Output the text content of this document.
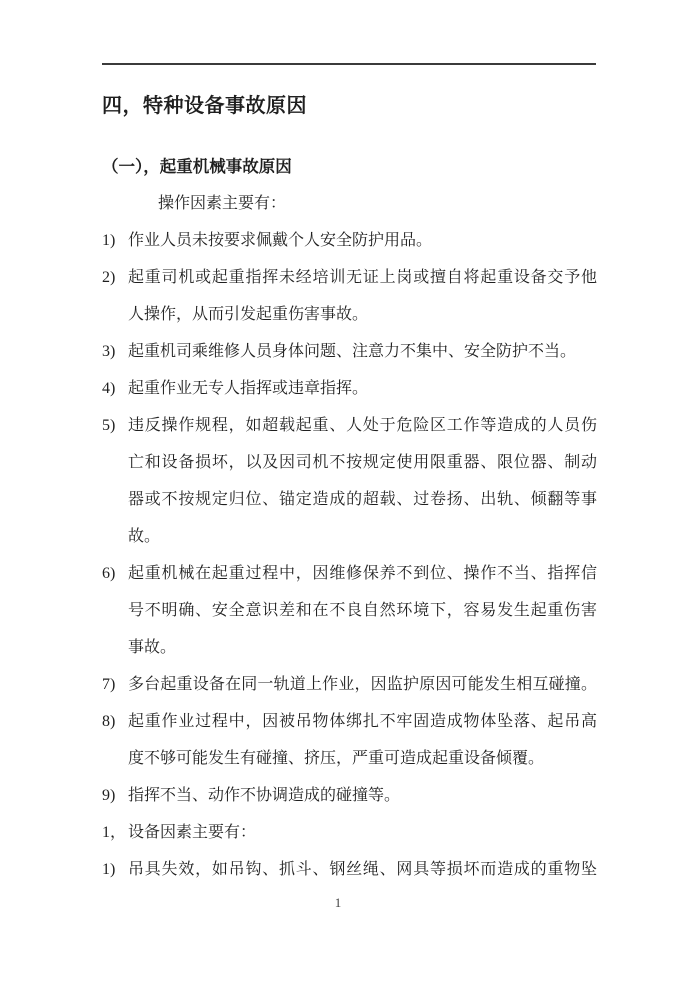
四，特种设备事故原因
（一），起重机械事故原因
操作因素主要有：
1) 作业人员未按要求佩戴个人安全防护用品。
2) 起重司机或起重指挥未经培训无证上岗或擅自将起重设备交予他
人操作，从而引发起重伤害事故。
3) 起重机司乘维修人员身体问题、注意力不集中、安全防护不当。
4) 起重作业无专人指挥或违章指挥。
5) 违反操作规程，如超载起重、人处于危险区工作等造成的人员伤
亡和设备损坏，以及因司机不按规定使用限重器、限位器、制动
器或不按规定归位、锚定造成的超载、过卷扬、出轨、倾翻等事
故。
6) 起重机械在起重过程中，因维修保养不到位、操作不当、指挥信
号不明确、安全意识差和在不良自然环境下，容易发生起重伤害
事故。
7) 多台起重设备在同一轨道上作业，因监护原因可能发生相互碰撞。
8) 起重作业过程中，因被吊物体绑扎不牢固造成物体坠落、起吊高
度不够可能发生有碰撞、挤压，严重可造成起重设备倾覆。
9) 指挥不当、动作不协调造成的碰撞等。
1， 设备因素主要有：
1) 吊具失效，如吊钩、抓斗、钢丝绳、网具等损坏而造成的重物坠
1
